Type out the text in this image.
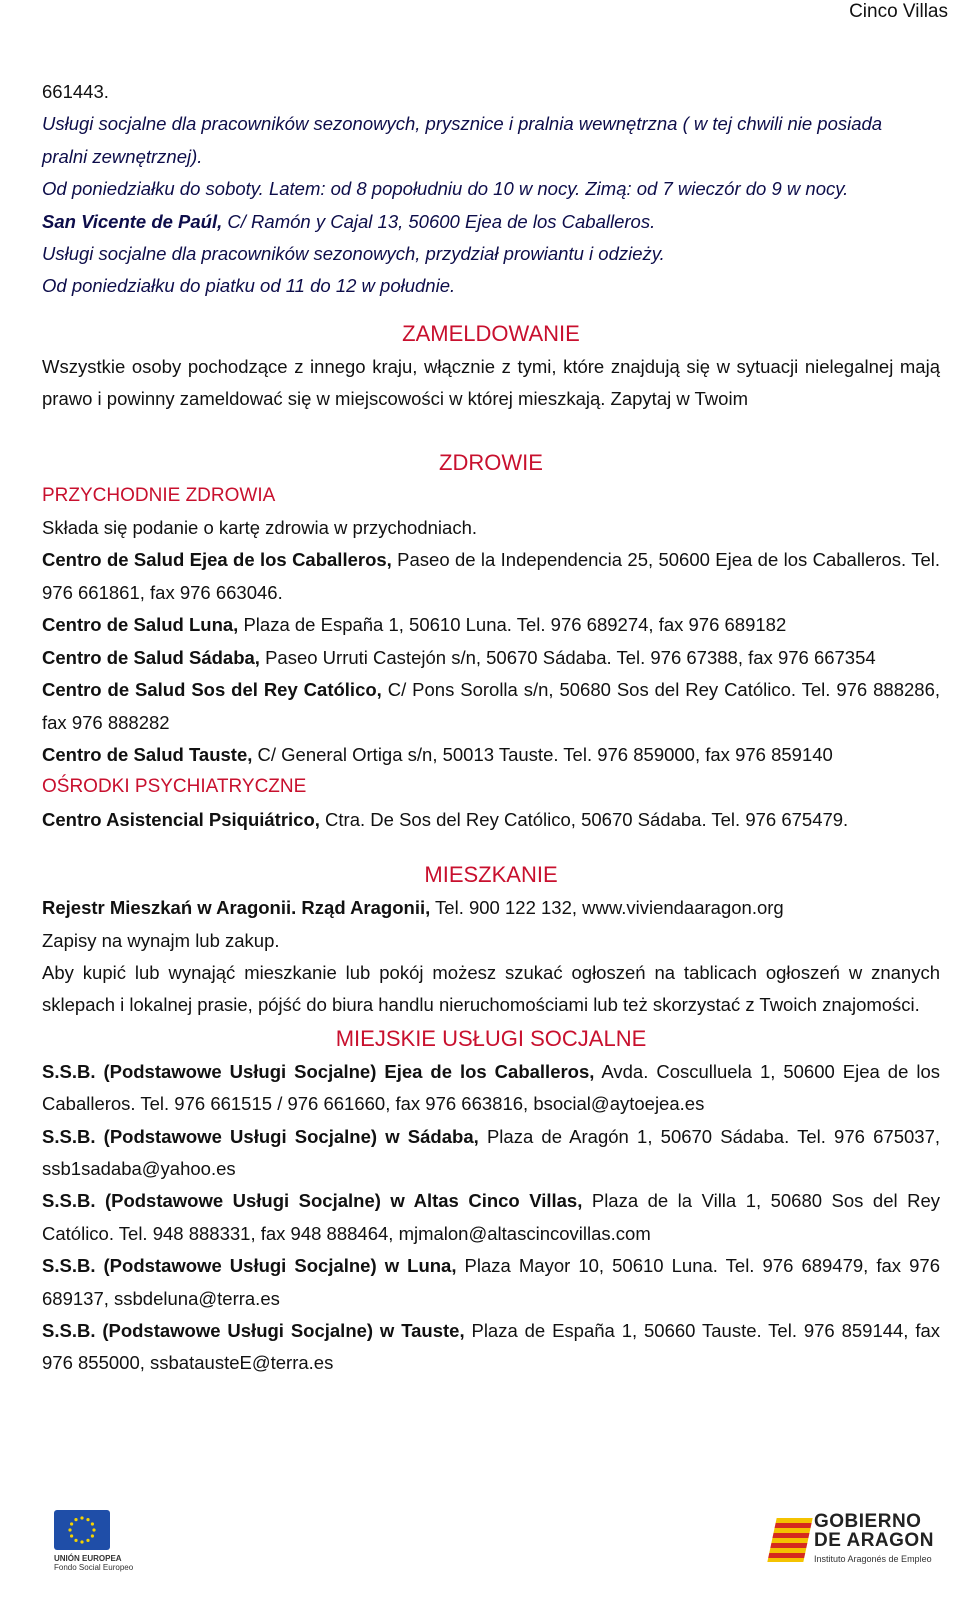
Cinco Villas

661443.

Usługi socjalne dla pracowników sezonowych, prysznice i pralnia wewnętrzna ( w tej chwili nie posiada

pralni zewnętrznej).

Od poniedziałku do soboty. Latem: od 8 popołudniu do 10 w nocy. Zimą: od 7 wieczór do 9 w nocy.

San Vicente de Paúl, C/ Ramón y Cajal 13, 50600 Ejea de los Caballeros.

Usługi socjalne dla pracowników sezonowych, przydział prowiantu i odzieży.

Od poniedziałku do piatku od 11 do 12 w południe.

ZAMELDOWANIE

Wszystkie osoby pochodzące z innego kraju, włącznie z tymi, które znajdują się w sytuacji nielegalnej mają prawo i powinny zameldować się w miejscowości w której mieszkają. Zapytaj w Twoim

ZDROWIE

PRZYCHODNIE ZDROWIA

Składa się podanie o kartę zdrowia w przychodniach.

Centro de Salud Ejea de los Caballeros, Paseo de la Independencia 25, 50600 Ejea de los Caballeros. Tel. 976 661861, fax 976 663046.

Centro de Salud Luna, Plaza de España 1, 50610 Luna. Tel. 976 689274, fax 976 689182

Centro de Salud Sádaba, Paseo Urruti Castejón s/n, 50670 Sádaba. Tel. 976 67388, fax 976 667354

Centro de Salud Sos del Rey Católico, C/ Pons Sorolla s/n, 50680 Sos del Rey Católico. Tel. 976 888286, fax 976 888282

Centro de Salud Tauste, C/ General Ortiga s/n, 50013 Tauste. Tel. 976 859000, fax 976 859140

OŚRODKI PSYCHIATRYCZNE

Centro Asistencial Psiquiátrico, Ctra. De Sos del Rey Católico, 50670 Sádaba. Tel. 976 675479.

MIESZKANIE

Rejestr Mieszkań w Aragonii. Rząd Aragonii, Tel. 900 122 132, www.viviendaaragon.org

Zapisy na wynajm lub zakup.

Aby kupić lub wynająć mieszkanie lub pokój możesz szukać ogłoszeń na tablicach ogłoszeń w znanych sklepach i lokalnej prasie, pójść do biura handlu nieruchomościami lub też skorzystać z Twoich znajomości.

MIEJSKIE USŁUGI SOCJALNE

S.S.B. (Podstawowe Usługi Socjalne) Ejea de los Caballeros, Avda. Cosculluela 1, 50600 Ejea de los Caballeros. Tel. 976 661515 / 976 661660, fax 976 663816, bsocial@aytoejea.es

S.S.B. (Podstawowe Usługi Socjalne) w Sádaba, Plaza de Aragón 1, 50670 Sádaba. Tel. 976 675037, ssb1sadaba@yahoo.es

S.S.B. (Podstawowe Usługi Socjalne) w Altas Cinco Villas, Plaza de la Villa 1, 50680 Sos del Rey Católico. Tel. 948 888331, fax 948 888464, mjmalon@altascincovillas.com

S.S.B. (Podstawowe Usługi Socjalne) w Luna, Plaza Mayor 10, 50610 Luna. Tel. 976 689479, fax 976 689137, ssbdeluna@terra.es

S.S.B. (Podstawowe Usługi Socjalne) w Tauste, Plaza de España 1, 50660 Tauste. Tel. 976 859144, fax 976 855000, ssbatausteE@terra.es

UNIÓN EUROPEA
Fondo Social Europeo
GOBIERNO
DE ARAGON
Instituto Aragonés de Empleo
